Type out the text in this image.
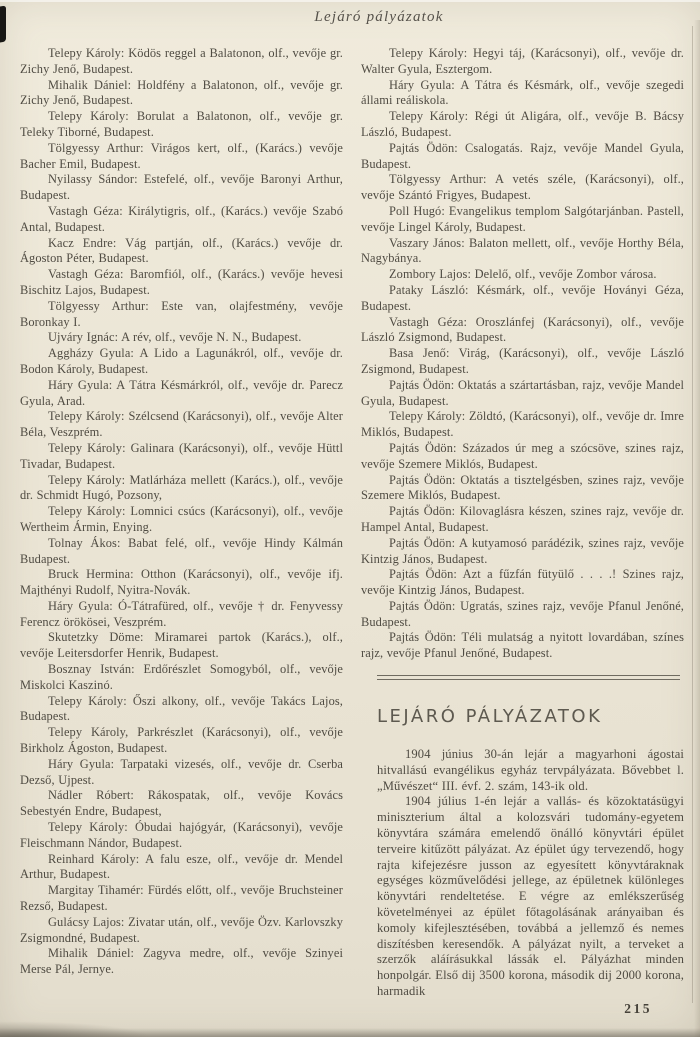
Lejáró pályázatok

Telepy Károly: Ködös reggel a Balatonon, olf., vevője gr. Zichy Jenő, Budapest.

Mihalik Dániel: Holdfény a Balatonon, olf., vevője gr. Zichy Jenő, Budapest.

Telepy Károly: Borulat a Balatonon, olf., vevője gr. Teleky Tiborné, Budapest.

Tölgyessy Arthur: Virágos kert, olf., (Karács.) vevője Bacher Emil, Budapest.

Nyilassy Sándor: Estefelé, olf., vevője Baronyi Arthur, Budapest.

Vastagh Géza: Királytigris, olf., (Karács.) vevője Szabó Antal, Budapest.

Kacz Endre: Vág partján, olf., (Karács.) vevője dr. Ágoston Péter, Budapest.

Vastagh Géza: Baromfiól, olf., (Karács.) vevője hevesi Bischitz Lajos, Budapest.

Tölgyessy Arthur: Este van, olajfestmény, vevője Boronkay I.

Ujváry Ignác: A rév, olf., vevője N. N., Budapest.

Aggházy Gyula: A Lido a Lagunákról, olf., vevője dr. Bodon Károly, Budapest.

Háry Gyula: A Tátra Késmárkról, olf., vevője dr. Parecz Gyula, Arad.

Telepy Károly: Szélcsend (Karácsonyi), olf., vevője Alter Béla, Veszprém.

Telepy Károly: Galinara (Karácsonyi), olf., vevője Hüttl Tivadar, Budapest.

Telepy Károly: Matlárháza mellett (Karács.), olf., vevője dr. Schmidt Hugó, Pozsony,

Telepy Károly: Lomnici csúcs (Karácsonyi), olf., vevője Wertheim Ármin, Enying.

Tolnay Ákos: Babat felé, olf., vevője Hindy Kálmán Budapest.

Bruck Hermina: Otthon (Karácsonyi), olf., vevője ifj. Majthényi Rudolf, Nyitra-Novák.

Háry Gyula: Ó-Tátrafüred, olf., vevője † dr. Fenyvessy Ferencz örökösei, Veszprém.

Skutetzky Döme: Miramarei partok (Karács.), olf., vevője Leitersdorfer Henrik, Budapest.

Bosznay István: Erdőrészlet Somogyból, olf., vevője Miskolci Kaszinó.

Telepy Károly: Őszi alkony, olf., vevője Takács Lajos, Budapest.

Telepy Károly, Parkrészlet (Karácsonyi), olf., vevője Birkholz Ágoston, Budapest.

Háry Gyula: Tarpataki vizesés, olf., vevője dr. Cserba Dezső, Ujpest.

Nádler Róbert: Rákospatak, olf., vevője Kovács Sebestyén Endre, Budapest,

Telepy Károly: Óbudai hajógyár, (Karácsonyi), vevője Fleischmann Nándor, Budapest.

Reinhard Károly: A falu esze, olf., vevője dr. Mendel Arthur, Budapest.

Margitay Tihamér: Fürdés előtt, olf., vevője Bruchsteiner Rezső, Budapest.

Gulácsy Lajos: Zivatar után, olf., vevője Özv. Karlovszky Zsigmondné, Budapest.

Mihalik Dániel: Zagyva medre, olf., vevője Szinyei Merse Pál, Jernye.

Telepy Károly: Hegyi táj, (Karácsonyi), olf., vevője dr. Walter Gyula, Esztergom.

Háry Gyula: A Tátra és Késmárk, olf., vevője szegedi állami reáliskola.

Telepy Károly: Régi út Aligára, olf., vevője B. Bácsy László, Budapest.

Pajtás Ödön: Csalogatás. Rajz, vevője Mandel Gyula, Budapest.

Tölgyessy Arthur: A vetés széle, (Karácsonyi), olf., vevője Szántó Frigyes, Budapest.

Poll Hugó: Evangelikus templom Salgótarjánban. Pastell, vevője Lingel Károly, Budapest.

Vaszary János: Balaton mellett, olf., vevője Horthy Béla, Nagybánya.

Zombory Lajos: Delelő, olf., vevője Zombor városa.

Pataky László: Késmárk, olf., vevője Hoványi Géza, Budapest.

Vastagh Géza: Oroszlánfej (Karácsonyi), olf., vevője László Zsigmond, Budapest.

Basa Jenő: Virág, (Karácsonyi), olf., vevője László Zsigmond, Budapest.

Pajtás Ödön: Oktatás a szártartásban, rajz, vevője Mandel Gyula, Budapest.

Telepy Károly: Zöldtó, (Karácsonyi), olf., vevője dr. Imre Miklós, Budapest.

Pajtás Ödön: Százados úr meg a szócsöve, szines rajz, vevője Szemere Miklós, Budapest.

Pajtás Ödön: Oktatás a tisztelgésben, szines rajz, vevője Szemere Miklós, Budapest.

Pajtás Ödön: Kilovaglásra készen, szines rajz, vevője dr. Hampel Antal, Budapest.

Pajtás Ödön: A kutyamosó parádézik, szines rajz, vevője Kintzig János, Budapest.

Pajtás Ödön: Azt a fűzfán fütyülő . . . .! Szines rajz, vevője Kintzig János, Budapest.

Pajtás Ödön: Ugratás, szines rajz, vevője Pfanul Jenőné, Budapest.

Pajtás Ödön: Téli mulatság a nyitott lovardában, színes rajz, vevője Pfanul Jenőné, Budapest.

LEJÁRÓ PÁLYÁZATOK

1904 június 30-án lejár a magyarhoni ágostai hitvallású evangélikus egyház tervpályázata. Bővebbet l. „Művészet“ III. évf. 2. szám, 143-ik old.

1904 július 1-én lejár a vallás- és közoktatásügyi miniszterium által a kolozsvári tudomány-egyetem könyvtára számára emelendő önálló könyvtári épület terveire kitűzött pályázat. Az épület úgy tervezendő, hogy rajta kifejezésre jusson az egyesített könyvtáraknak egységes közművelődési jellege, az épületnek különleges könyvtári rendeltetése. E végre az emlékszerűség követelményei az épület főtagolásának arányaiban és komoly kifejlesztésében, továbbá a jellemző és nemes diszítésben keresendők. A pályázat nyilt, a terveket a szerzők aláírásukkal lássák el. Pályázhat minden honpolgár. Első dij 3500 korona, második dij 2000 korona, harmadik

215
